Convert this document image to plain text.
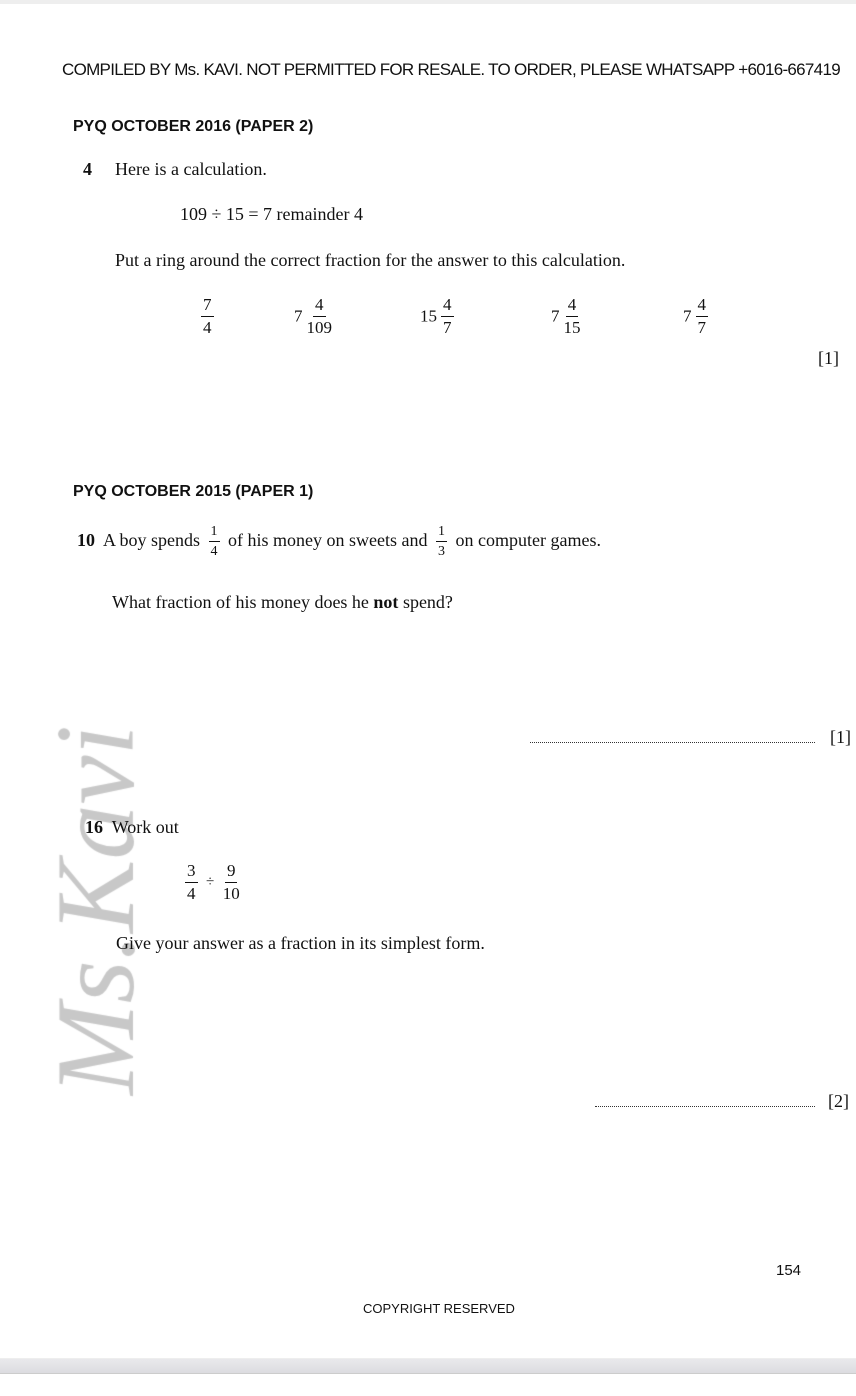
COMPILED BY Ms. KAVI. NOT PERMITTED FOR RESALE. TO ORDER, PLEASE WHATSAPP +6016-667419
PYQ OCTOBER 2016 (PAPER 2)
4 Here is a calculation.
109 ÷ 15 = 7 remainder 4
Put a ring around the correct fraction for the answer to this calculation.
$\frac{7}{4}$	$7 \frac{4}{109}$	$15 \frac{4}{7}$	$7 \frac{4}{15}$	$7 \frac{4}{7}$
[1]
PYQ OCTOBER 2015 (PAPER 1)
10 A boy spends $\frac{1}{4}$ of his money on sweets and $\frac{1}{3}$ on computer games.
What fraction of his money does he not spend?
[1]
16 Work out
$\frac{3}{4} \div \frac{9}{10}$
Give your answer as a fraction in its simplest form.
[2]
154
COPYRIGHT RESERVED
